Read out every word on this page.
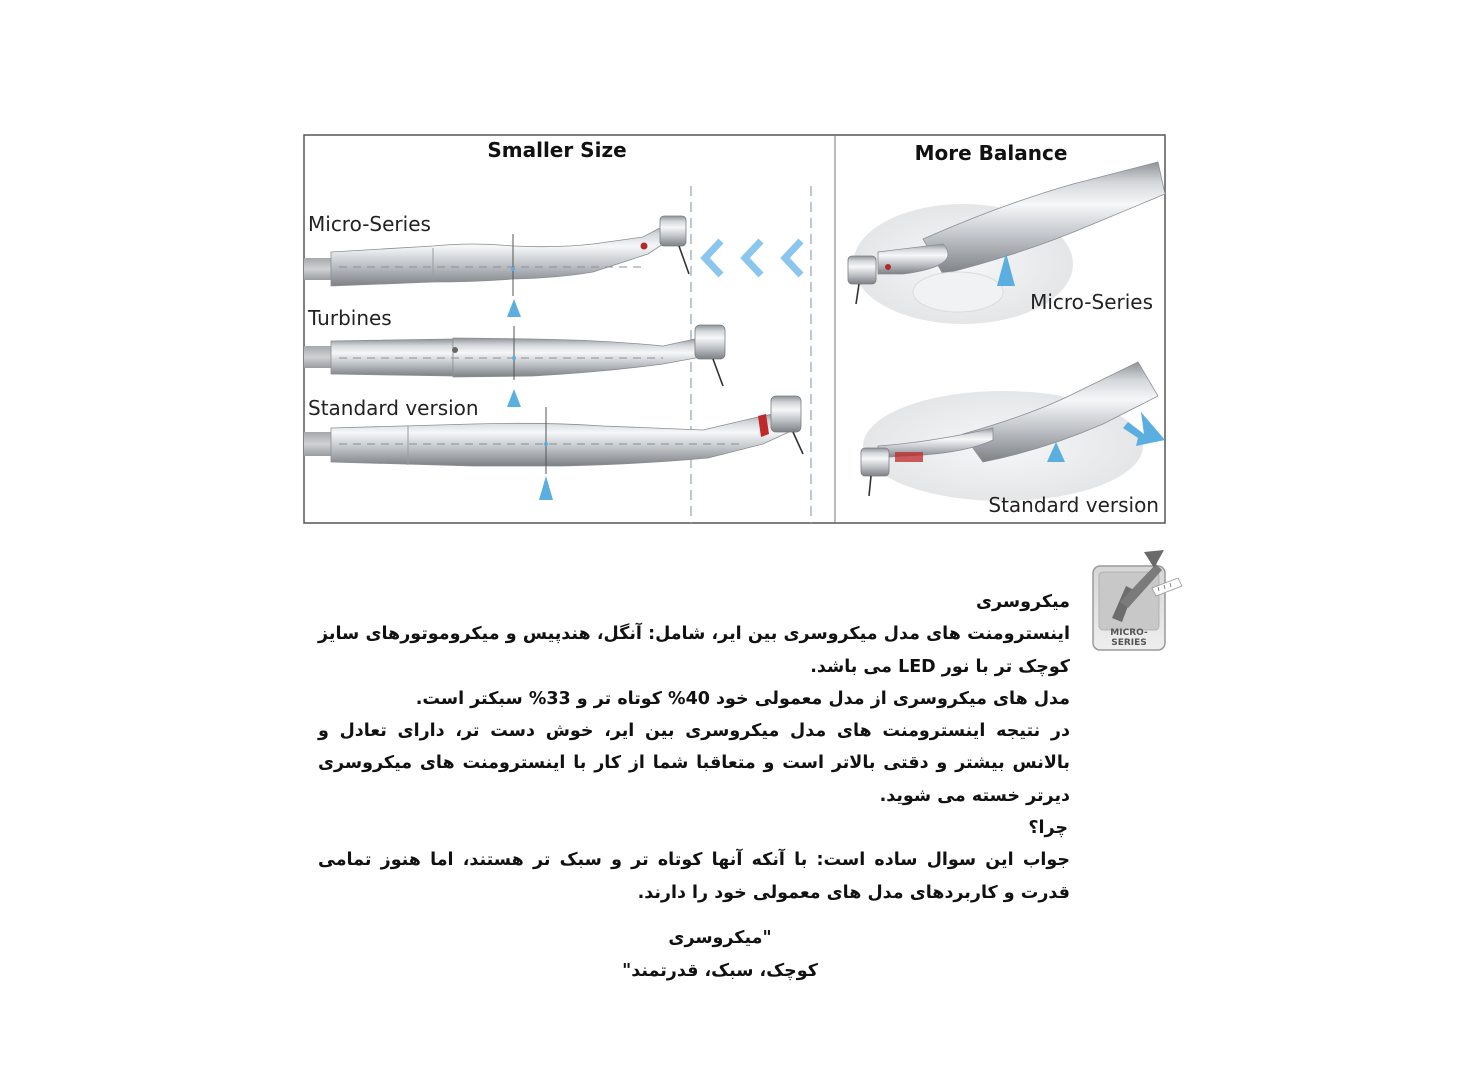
Smaller Size	More Balance
Micro-Series
Turbines
Standard version
Micro-Series
Standard version
MICRO-
SERIES

میکروسری

اینسترومنت های مدل میکروسری بین ایر، شامل: آنگل، هندپیس و میکروموتورهای سایز کوچک تر با نور LED می باشد.

مدل های میکروسری از مدل معمولی خود 40% کوتاه تر و 33% سبکتر است.

در نتیجه اینسترومنت های مدل میکروسری بین ایر، خوش دست تر، دارای تعادل و بالانس بیشتر و دقتی بالاتر است و متعاقبا شما از کار با اینسترومنت های میکروسری دیرتر خسته می شوید.

چرا؟

جواب این سوال ساده است: با آنکه آنها کوتاه تر و سبک تر هستند، اما هنوز تمامی قدرت و کاربردهای مدل های معمولی خود را دارند.

"میکروسری

کوچک، سبک، قدرتمند"
